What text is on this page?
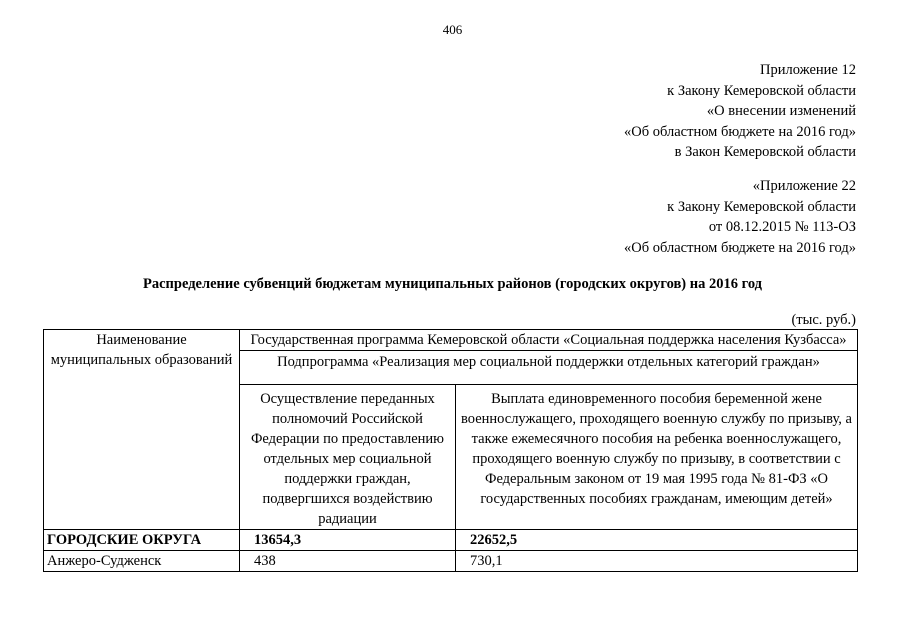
406
Приложение 12
к Закону Кемеровской области
«О внесении изменений
«Об областном бюджете на 2016 год»
в Закон Кемеровской области
«Приложение 22
к Закону Кемеровской области
от 08.12.2015 № 113-ОЗ
«Об областном бюджете на 2016 год»
Распределение субвенций бюджетам муниципальных районов (городских округов) на 2016 год
(тыс. руб.)
Наименование муниципальных образований	Государственная программа Кемеровской области «Социальная поддержка населения Кузбасса»	
	Подпрограмма «Реализация мер социальной поддержки отдельных категорий граждан»	
	Осуществление переданных полномочий Российской Федерации по предоставлению отдельных мер социальной поддержки граждан, подвергшихся воздействию радиации	Выплата единовременного пособия беременной жене военнослужащего, проходящего военную службу по призыву, а также ежемесячного пособия на ребенка военнослужащего, проходящего военную службу по призыву, в соответствии с Федеральным законом от 19 мая 1995 года № 81-ФЗ «О государственных пособиях гражданам, имеющим детей»
ГОРОДСКИЕ ОКРУГА	13654,3	22652,5
Анжеро-Судженск	438	730,1
